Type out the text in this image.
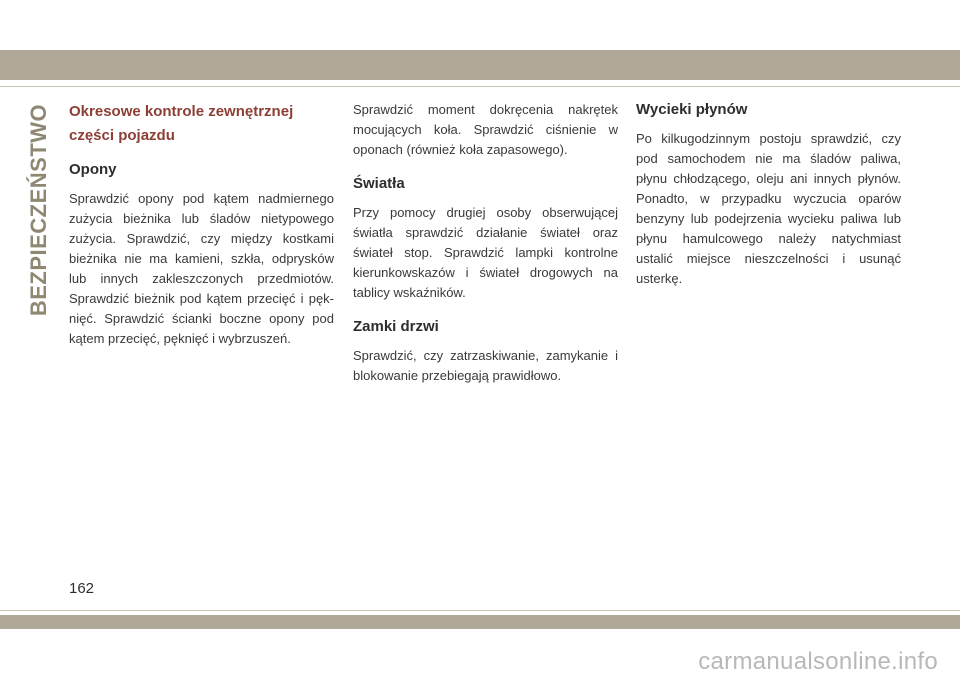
BEZPIECZEŃSTWO Okresowe kontrole zewnętrznej części pojazdu
Opony

Sprawdzić opony pod kątem nadmiernego zużycia bieżnika lub śladów nietypowego zużycia. Sprawdzić, czy między kostkami bieżnika nie ma kamieni, szkła, odprysków lub innych zakleszczonych przedmiotów. Sprawdzić bieżnik pod kątem przecięć i pęk-nięć. Sprawdzić ścianki boczne opony pod kątem przecięć, pęknięć i wybrzuszeń.

Sprawdzić moment dokręcenia nakrętek mocujących koła. Sprawdzić ciśnienie w oponach (również koła zapasowego).

Światła

Przy pomocy drugiej osoby obserwującej światła sprawdzić działanie świateł oraz świateł stop. Sprawdzić lampki kontrolne kierunkowskazów i świateł drogowych na tablicy wskaźników.

Zamki drzwi

Sprawdzić, czy zatrzaskiwanie, zamykanie i blokowanie przebiegają prawidłowo.

Wycieki płynów

Po kilkugodzinnym postoju sprawdzić, czy pod samochodem nie ma śladów paliwa, płynu chłodzącego, oleju ani innych płynów. Ponadto, w przypadku wyczucia oparów benzyny lub podejrzenia wycieku paliwa lub płynu hamulcowego należy natychmiast ustalić miejsce nieszczelności i usunąć usterkę.

162
carmanualsonline.info
